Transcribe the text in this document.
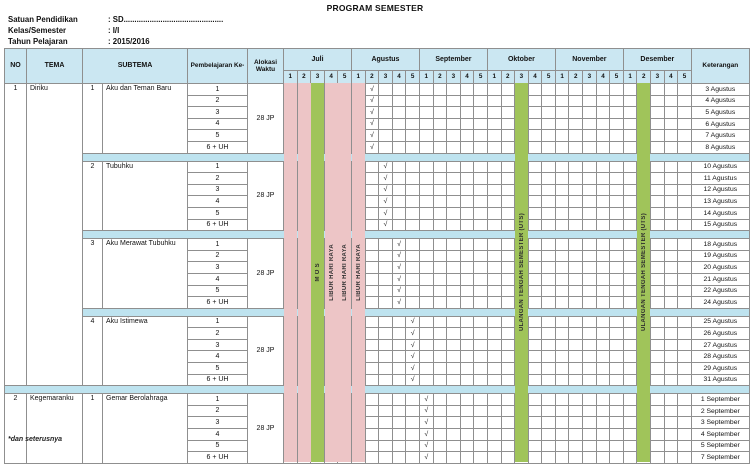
PROGRAM SEMESTER
Satuan Pendidikan	: SD..............................................
Kelas/Semester	: I/I
Tahun Pelajaran	: 2015/2016
NO	TEMA	SUBTEMA		Pembelajaran Ke-	Alokasi
Waktu	Juli					Agustus					September					Oktober					November					Desember					Keterangan
						1	2	3	4	5	1	2	3	4	5	1	2	3	4	5	1	2	3	4	5	1	2	3	4	5	1	2	3	4	5	
1	Diriku	1	Aku dan Teman Baru	1	28 JP							√																								3 Agustus
				2								√																								4 Agustus
				3								√																								5 Agustus
				4								√																								6 Agustus
				5								√																								7 Agustus
				6 + UH								√																								8 Agustus

		2	Tubuhku	1	28 JP								√																							10 Agustus
				2									√																							11 Agustus
				3									√																							12 Agustus
				4									√																							13 Agustus
				5									√																							14 Agustus
				6 + UH									√																							15 Agustus

		3	Aku Merawat Tubuhku	1	28 JP									√																						18 Agustus
				2										√																						19 Agustus
				3										√																						20 Agustus
				4										√																						21 Agustus
				5										√																						22 Agustus
				6 + UH										√																						24 Agustus

		4	Aku Istimewa	1	28 JP										√																					25 Agustus
				2											√																					26 Agustus
				3											√																					27 Agustus
				4											√																					28 Agustus
				5											√																					29 Agustus
				6 + UH											√																					31 Agustus

2	Kegemaranku	1	Gemar Berolahraga	1	28 JP											√																				1 September
				2												√																				2 September
				3												√																				3 September
				4												√																				4 September
				5												√																				5 September
				6 + UH												√																				7 September
M O S LIBUR HARI RAYA LIBUR HARI RAYA LIBUR HARI RAYA	ULANGAN TENGAH SEMESTER (UTS)	ULANGAN TENGAH SEMESTER (UTS)
*dan seterusnya
